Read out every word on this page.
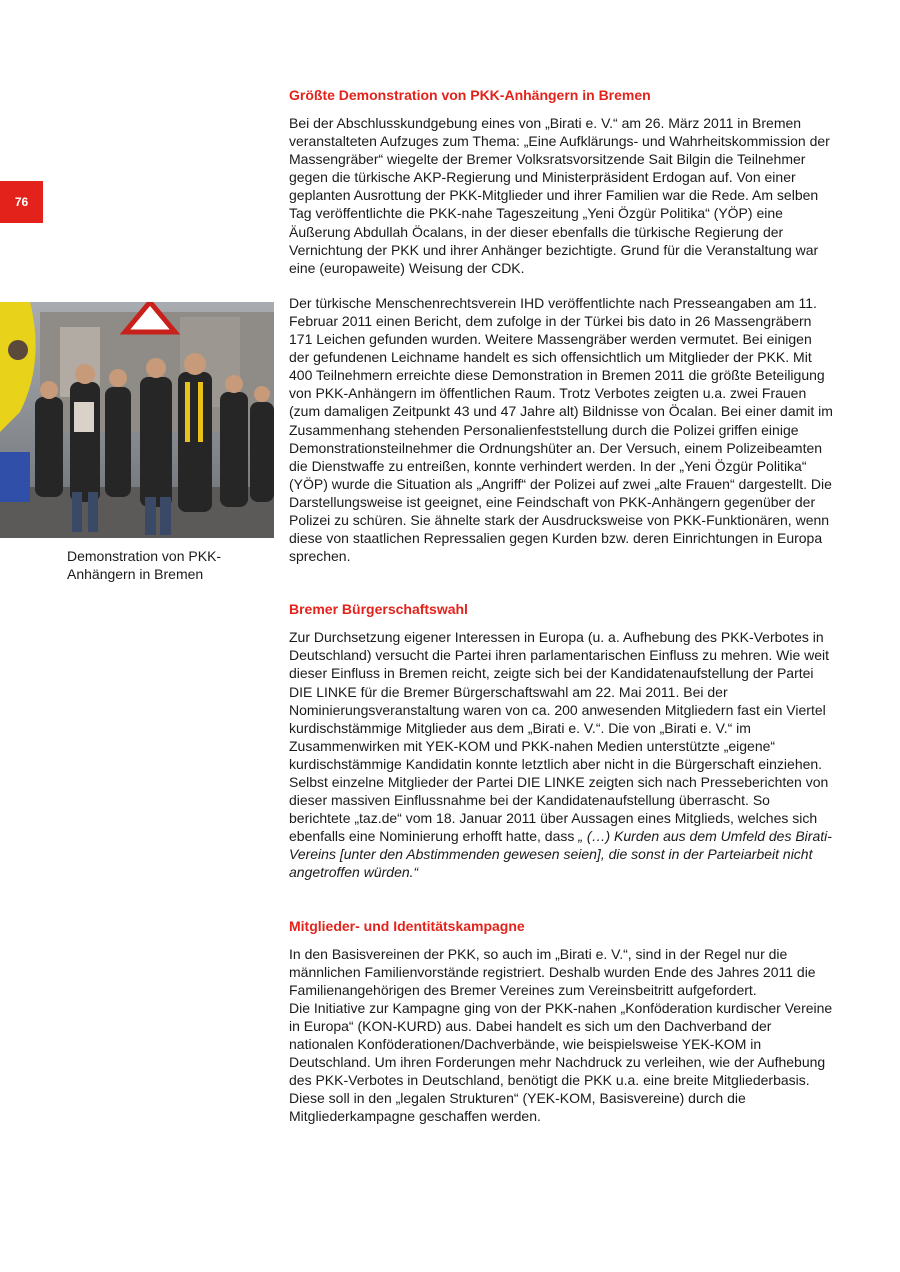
76
Demonstration von PKK-Anhängern in Bremen
Größte Demonstration von PKK-Anhängern in Bremen

Bei der Abschlusskundgebung eines von „Birati e. V.“ am 26. März 2011 in Bremen veranstalteten Aufzuges zum Thema: „Eine Aufklärungs- und Wahrheitskommission der Massengräber“ wiegelte der Bremer Volksratsvorsitzende Sait Bilgin die Teilnehmer gegen die türkische AKP-Regierung und Ministerpräsident Erdogan auf. Von einer geplanten Ausrottung der PKK-Mitglieder und ihrer Familien war die Rede. Am selben Tag veröffentlichte die PKK-nahe Tageszeitung „Yeni Özgür Politika“ (YÖP) eine Äußerung Abdullah Öcalans, in der dieser ebenfalls die türkische Regierung der Vernichtung der PKK und ihrer Anhänger bezichtigte. Grund für die Veranstaltung war eine (europaweite) Weisung der CDK.

Der türkische Menschenrechtsverein IHD veröffentlichte nach Presseangaben am 11. Februar 2011 einen Bericht, dem zufolge in der Türkei bis dato in 26 Massengräbern 171 Leichen gefunden wurden. Weitere Massengräber werden vermutet. Bei einigen der gefundenen Leichname handelt es sich offensichtlich um Mitglieder der PKK. Mit 400 Teilnehmern erreichte diese Demonstration in Bremen 2011 die größte Beteiligung von PKK-Anhängern im öffentlichen Raum. Trotz Verbotes zeigten u.a. zwei Frauen (zum damaligen Zeitpunkt 43 und 47 Jahre alt) Bildnisse von Öcalan. Bei einer damit im Zusammenhang stehenden Personalienfeststellung durch die Polizei griffen einige Demonstrationsteilnehmer die Ordnungshüter an. Der Versuch, einem Polizeibeamten die Dienstwaffe zu entreißen, konnte verhindert werden. In der „Yeni Özgür Politika“ (YÖP) wurde die Situation als „Angriff“ der Polizei auf zwei „alte Frauen“ dargestellt. Die Darstellungsweise ist geeignet, eine Feindschaft von PKK-Anhängern gegenüber der Polizei zu schüren. Sie ähnelte stark der Ausdrucksweise von PKK-Funktionären, wenn diese von staatlichen Repressalien gegen Kurden bzw. deren Einrichtungen in Europa sprechen.

Bremer Bürgerschaftswahl

Zur Durchsetzung eigener Interessen in Europa (u. a. Aufhebung des PKK-Verbotes in Deutschland) versucht die Partei ihren parlamentarischen Einfluss zu mehren. Wie weit dieser Einfluss in Bremen reicht, zeigte sich bei der Kandidatenaufstellung der Partei DIE LINKE für die Bremer Bürgerschaftswahl am 22. Mai 2011. Bei der Nominierungsveranstaltung waren von ca. 200 anwesenden Mitgliedern fast ein Viertel kurdischstämmige Mitglieder aus dem „Birati e. V.“. Die von „Birati e. V.“ im Zusammenwirken mit YEK-KOM und PKK-nahen Medien unterstützte „eigene“ kurdischstämmige Kandidatin konnte letztlich aber nicht in die Bürgerschaft einziehen. Selbst einzelne Mitglieder der Partei DIE LINKE zeigten sich nach Presseberichten von dieser massiven Einflussnahme bei der Kandidatenaufstellung überrascht. So berichtete „taz.de“ vom 18. Januar 2011 über Aussagen eines Mitglieds, welches sich ebenfalls eine Nominierung erhofft hatte, dass „ (…) Kurden aus dem Umfeld des Birati-Vereins [unter den Abstimmenden gewesen seien], die sonst in der Parteiarbeit nicht angetroffen würden.“

Mitglieder- und Identitätskampagne

In den Basisvereinen der PKK, so auch im „Birati e. V.“, sind in der Regel nur die männlichen Familienvorstände registriert. Deshalb wurden Ende des Jahres 2011 die Familienangehörigen des Bremer Vereines zum Vereinsbeitritt aufgefordert.

Die Initiative zur Kampagne ging von der PKK-nahen „Konföderation kurdischer Vereine in Europa“ (KON-KURD) aus. Dabei handelt es sich um den Dachverband der nationalen Konföderationen/Dachverbände, wie beispielsweise YEK-KOM in Deutschland. Um ihren Forderungen mehr Nachdruck zu verleihen, wie der Aufhebung des PKK-Verbotes in Deutschland, benötigt die PKK u.a. eine breite Mitgliederbasis. Diese soll in den „legalen Strukturen“ (YEK-KOM, Basisvereine) durch die Mitgliederkampagne geschaffen werden.
